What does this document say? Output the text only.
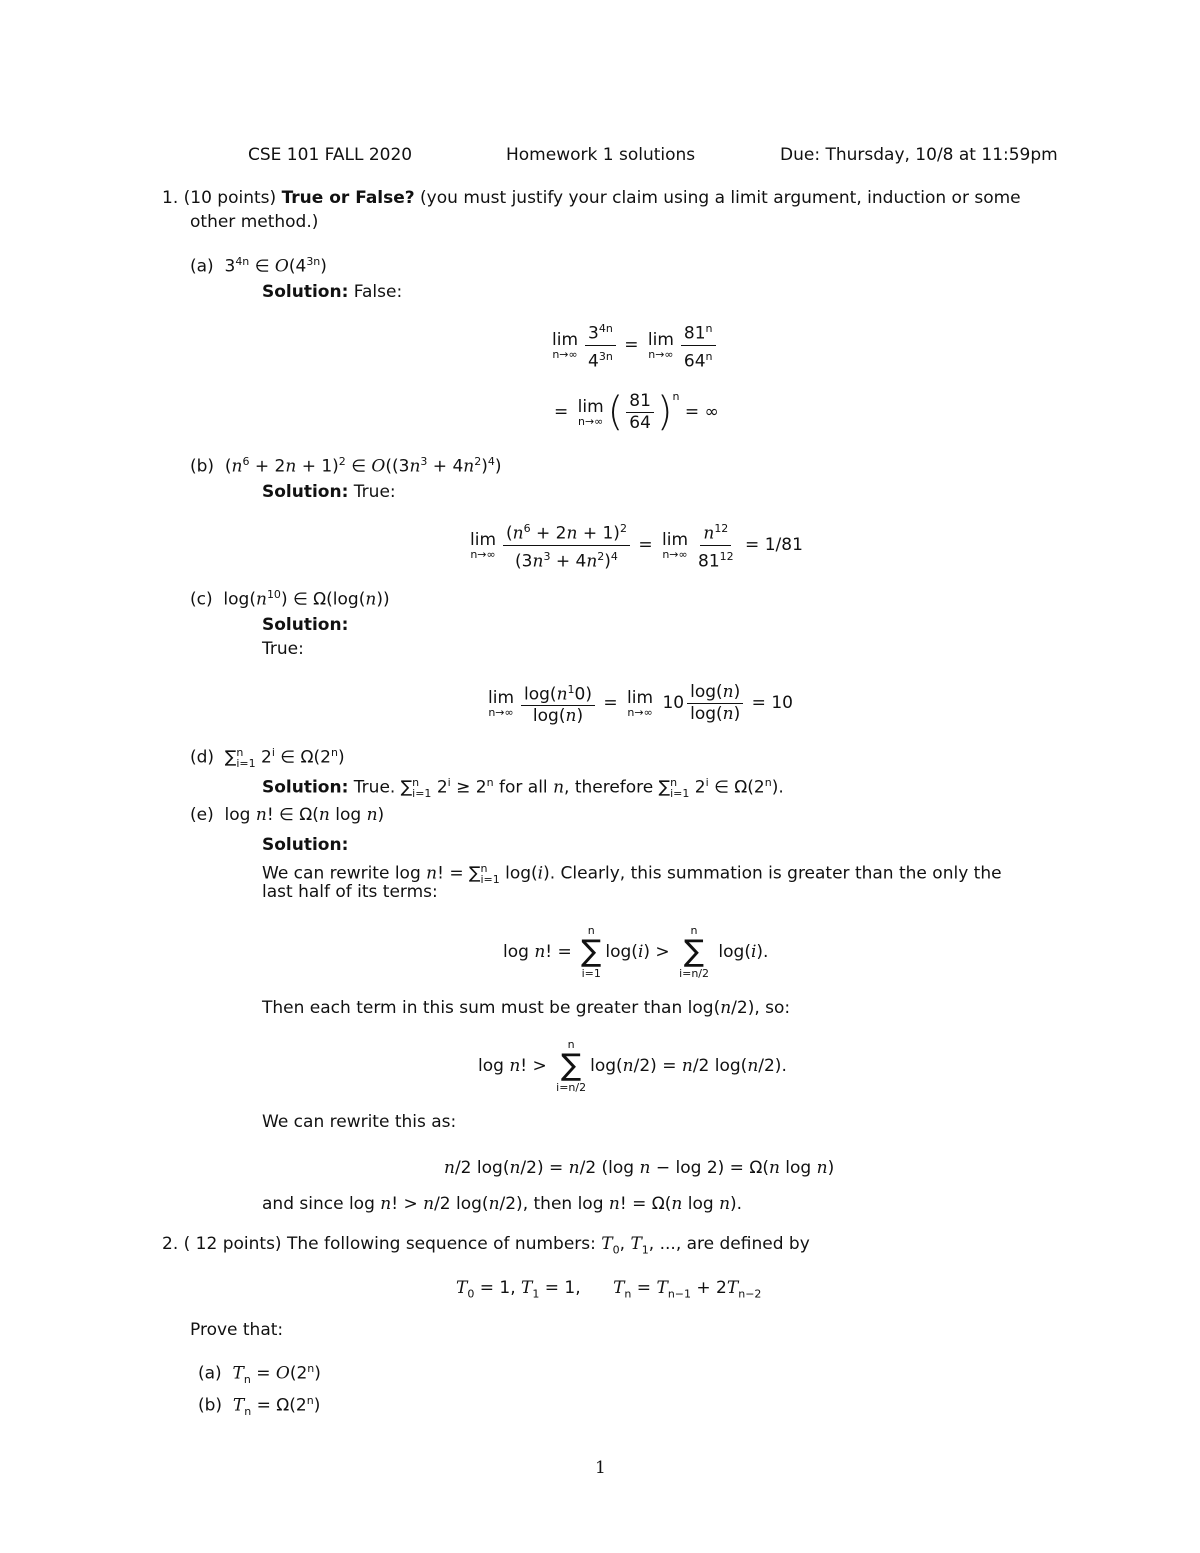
CSE 101 FALL 2020	Homework 1 solutions	Due: Thursday, 10/8 at 11:59pm
1. (10 points) True or False? (you must justify your claim using a limit argument, induction or some
other method.)
(a)  $3^{4n}$ ∈ $O(4^{3n})$
Solution: False:
lim
$n\to\infty \frac{3^{4n}}{4^{3n}} = \lim$
$n\to\infty \frac{81^n}{64^n}$
= lim
n→∞ ( $\frac{81}{64} )^n$
= ∞
(b)  $(n^6 + 2n + 1)^2$ ∈ $O((3n^3 + 4n^2)^4)$
Solution: True:
lim
$n\to\infty \frac{(n^6 + 2n + 1)^2}{(3n^3 + 4n^2)^4} = \lim$
$n\to\infty \frac{n^{12}}{81^{12}} = 1/81$
(c)  $\log(n^{10})$ ∈ Ω(log(n))
Solution:
True:
lim
$n\to\infty \frac{\log(n^10)}{\log(n)} = \lim$
n→∞ $10 \frac{\log(n)}{\log(n)} = 10$
(d)  ∑$^n_{i=1}$ 2$^i$ ∈ Ω(2$^n$)
Solution: True. ∑$^n_{i=1}$ $2^i \ge 2^n$ for all n, therefore ∑$^n_{i=1}$ 2$^i$ ∈ Ω(2$^n$).
(e)  log n! ∈ Ω(n log n)
Solution:
We can rewrite log n! = ∑$^n_{i=1}$ log(i). Clearly, this summation is greater than the only the
last half of its terms:
log n! =
n
∑
i=1
log(i) >
n
∑
i=n/2
log(i).
Then each term in this sum must be greater than log(n/2), so:
log n! >
n
∑
i=n/2
log(n/2) = n/2 log(n/2).
We can rewrite this as:
n/2 log(n/2) = n/2 (log n − log 2) = Ω(n log n)
and since log n! > n/2 log(n/2), then log n! = Ω(n log n).
2. ( 12 points) The following sequence of numbers: $T_0$, $T_1$, ..., are defined by
$T_0 = 1$, $T_1 = 1$,      $T_n = T_{n-1} + 2T_{n-2}$
Prove that:
(a) $T_n = O(2^n)$
(b) $T_n = \Omega(2^n)$
1
